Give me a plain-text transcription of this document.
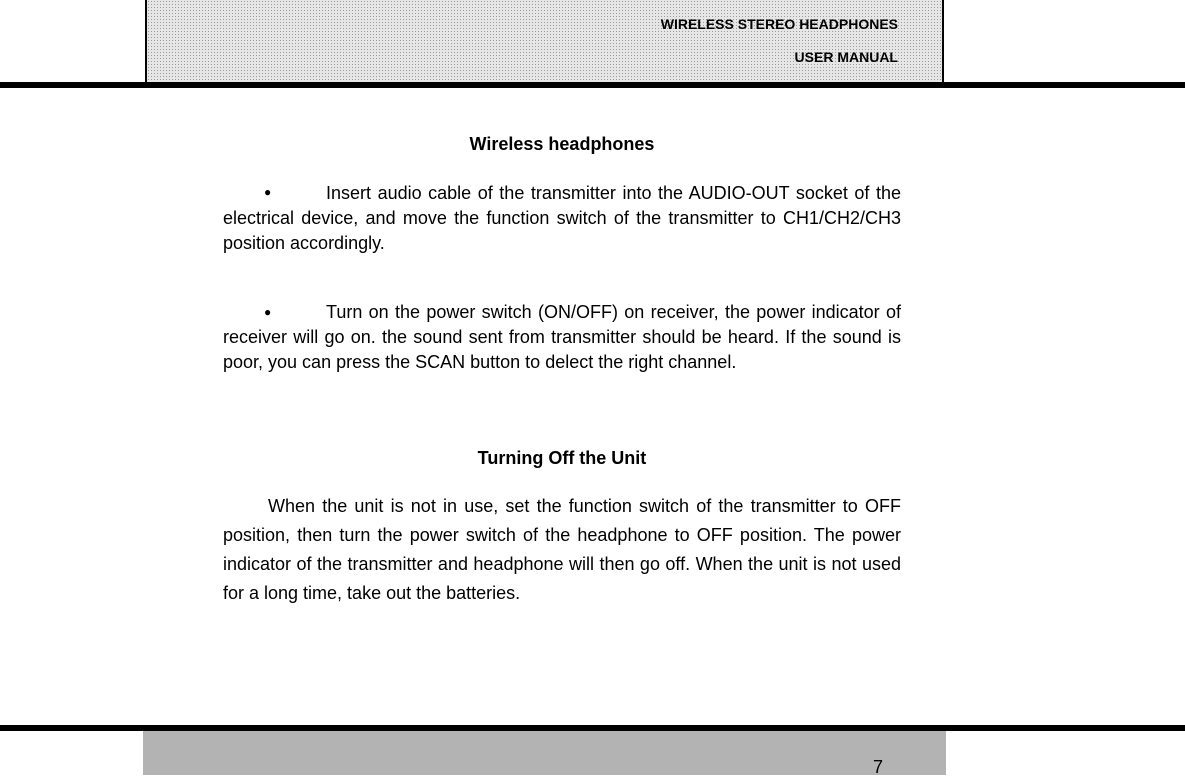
WIRELESS STEREO HEADPHONES
USER MANUAL
Wireless headphones
●	Insert audio cable of the transmitter into the AUDIO-OUT socket of the electrical device, and move the function switch of the transmitter to CH1/CH2/CH3 position accordingly.
●	Turn on the power switch (ON/OFF) on receiver, the power indicator of receiver will go on. the sound sent from transmitter should be heard. If the sound is poor, you can press the SCAN button to delect the right channel.
Turning Off the Unit
When the unit is not in use, set the function switch of the transmitter to OFF position, then turn the power switch of the headphone to OFF position. The power indicator of the transmitter and headphone will then go off. When the unit is not used for a long time, take out the batteries.
7
